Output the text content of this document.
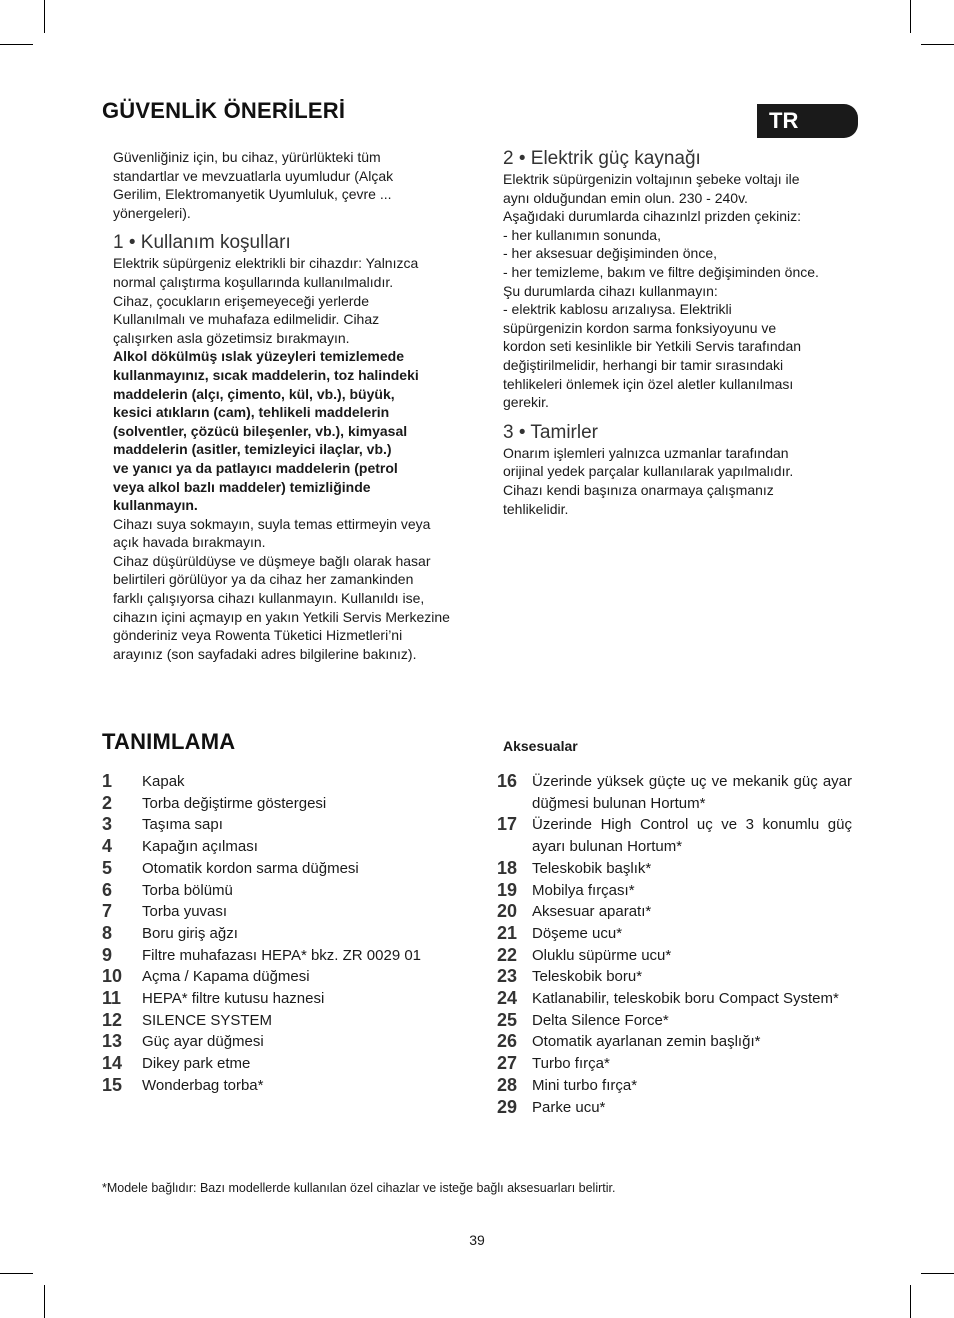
GÜVENLİK ÖNERİLERİ	TR

Güvenliğiniz için, bu cihaz, yürürlükteki tüm

standartlar ve mevzuatlarla uyumludur (Alçak

Gerilim, Elektromanyetik Uyumluluk, çevre ...

yönergeleri).

1 • Kullanım koşulları

Elektrik süpürgeniz elektrikli bir cihazdır: Yalnızca

normal çalıştırma koşullarında kullanılmalıdır.

Cihaz, çocukların erişemeyeceği yerlerde

Kullanılmalı ve muhafaza edilmelidir. Cihaz

çalışırken asla gözetimsiz bırakmayın.

Alkol dökülmüş ıslak yüzeyleri temizlemede

kullanmayınız, sıcak maddelerin, toz halindeki

maddelerin (alçı, çimento, kül, vb.), büyük,

kesici atıkların (cam), tehlikeli maddelerin

(solventler, çözücü bileşenler, vb.), kimyasal

maddelerin (asitler, temizleyici ilaçlar, vb.)

ve yanıcı ya da patlayıcı maddelerin (petrol

veya alkol bazlı maddeler) temizliğinde

kullanmayın.

Cihazı suya sokmayın, suyla temas ettirmeyin veya

açık havada bırakmayın.

Cihaz düşürüldüyse ve düşmeye bağlı olarak hasar

belirtileri görülüyor ya da cihaz her zamankinden

farklı çalışıyorsa cihazı kullanmayın. Kullanıldı ise,

cihazın içini açmayıp en yakın Yetkili Servis Merkezine

gönderiniz veya Rowenta Tüketici Hizmetleri’ni

arayınız (son sayfadaki adres bilgilerine bakınız).

2 • Elektrik güç kaynağı

Elektrik süpürgenizin voltajının şebeke voltajı ile

aynı olduğundan emin olun. 230 - 240v.

Aşağıdaki durumlarda cihazınlzl prizden çekiniz:

- her kullanımın sonunda,

- her aksesuar değişiminden önce,

- her temizleme, bakım ve filtre değişiminden önce.

Şu durumlarda cihazı kullanmayın:

- elektrik kablosu arızalıysa. Elektrikli

süpürgenizin kordon sarma fonksiyoyunu ve

kordon seti kesinlikle bir Yetkili Servis tarafından

değiştirilmelidir, herhangi bir tamir sırasındaki

tehlikeleri önlemek için özel aletler kullanılması

gerekir.

3 • Tamirler

Onarım işlemleri yalnızca uzmanlar tarafından

orijinal yedek parçalar kullanılarak yapılmalıdır.

Cihazı kendi başınıza onarmaya çalışmanız

tehlikelidir.

TANIMLAMA	Aksesualar
1	Kapak
2	Torba değiştirme göstergesi
3	Taşıma sapı
4	Kapağın açılması
5	Otomatik kordon sarma düğmesi
6	Torba bölümü
7	Torba yuvası
8	Boru giriş ağzı
9	Filtre muhafazası HEPA* bkz. ZR 0029 01
10	Açma / Kapama düğmesi
11	HEPA* filtre kutusu haznesi
12	SILENCE SYSTEM
13	Güç ayar düğmesi
14	Dikey park etme
15	Wonderbag torba*
16 Üzerinde yüksek güçte uç ve mekanik güç ayar düğmesi bulunan Hortum*
17 Üzerinde High Control uç ve 3 konumlu güç ayarı bulunan Hortum*
18 Teleskobik başlık*
19 Mobilya fırçası*
20 Aksesuar aparatı*
21 Döşeme ucu*
22 Oluklu süpürme ucu*
23 Teleskobik boru*
24 Katlanabilir, teleskobik boru Compact System*
25 Delta Silence Force*
26 Otomatik ayarlanan zemin başlığı*
27 Turbo fırça*
28 Mini turbo fırça*
29 Parke ucu*
*Modele bağlıdır: Bazı modellerde kullanılan özel cihazlar ve isteğe bağlı aksesuarları belirtir.
39
